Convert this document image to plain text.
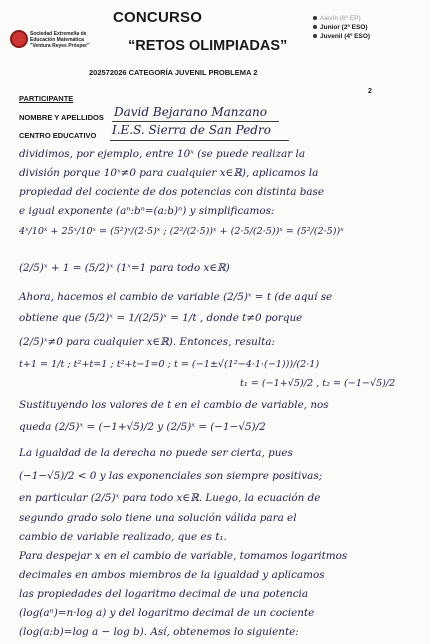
Sociedad Extremeña de
Educación Matemática
"Ventura Reyes Prósper"
CONCURSO
“RETOS OLIMPIADAS”
Alevín (6º EP)
Junior (2º ESO)
Juvenil (4º ESO)
202572026 CATEGORÍA JUVENIL PROBLEMA 2
2
PARTICIPANTE
NOMBRE Y APELLIDOS David Bejarano Manzano
CENTRO EDUCATIVO I.E.S. Sierra de San Pedro
dividimos, por ejemplo, entre 10ˣ (se puede realizar la
división porque 10ˣ≠0 para cualquier x∈ℝ), aplicamos la
propiedad del cociente de dos potencias con distinta base
e igual exponente (aⁿ:bⁿ=(a:b)ⁿ) y simplificamos:
4ˣ/10ˣ + 25ˣ/10ˣ = (5²)ˣ/(2·5)ˣ ; (2²/(2·5))ˣ + (2·5/(2·5))ˣ = (5²/(2·5))ˣ
(2/5)ˣ + 1 = (5/2)ˣ (1ˣ=1 para todo x∈ℝ)
Ahora, hacemos el cambio de variable (2/5)ˣ = t (de aquí se
obtiene que (5/2)ˣ = 1/(2/5)ˣ = 1/t , donde t≠0 porque
(2/5)ˣ≠0 para cualquier x∈ℝ). Entonces, resulta:
t+1 = 1/t ; t²+t=1 ; t²+t−1=0 ; t = (−1±√(1²−4·1·(−1)))/(2·1)
t₁ = (−1+√5)/2 , t₂ = (−1−√5)/2
Sustituyendo los valores de t en el cambio de variable, nos
queda (2/5)ˣ = (−1+√5)/2 y (2/5)ˣ = (−1−√5)/2
La igualdad de la derecha no puede ser cierta, pues
(−1−√5)/2 < 0 y las exponenciales son siempre positivas;
en particular (2/5)ˣ para todo x∈ℝ. Luego, la ecuación de
segundo grado solo tiene una solución válida para el
cambio de variable realizado, que es t₁.
Para despejar x en el cambio de variable, tomamos logaritmos
decimales en ambos miembros de la igualdad y aplicamos
las propiedades del logaritmo decimal de una potencia
(log(aⁿ)=n·log a) y del logaritmo decimal de un cociente
(log(a:b)=log a − log b). Así, obtenemos lo siguiente:
